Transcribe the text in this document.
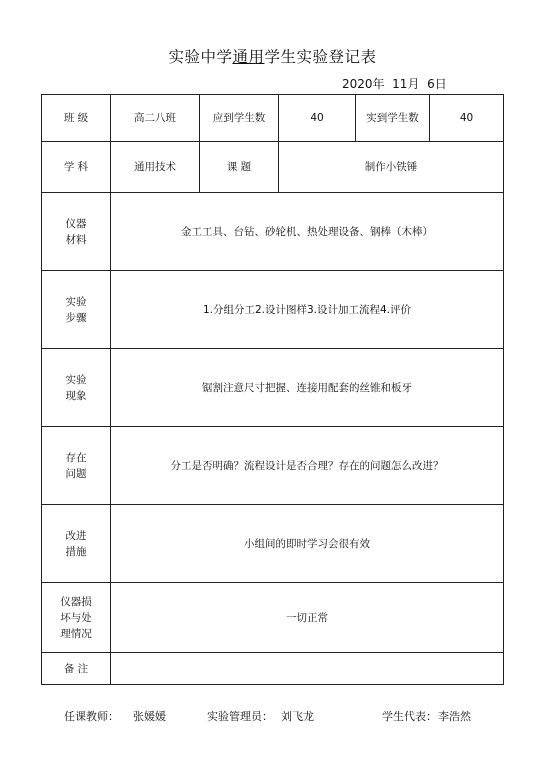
实验中学通用学生实验登记表
2020年  11月  6日
班 级	高二八班	应到学生数	40	实到学生数	40
学 科	通用技术	课 题	制作小铁锤		
仪器
材料	金工工具、台钻、砂轮机、热处理设备、钢棒（木棒）				
实验
步骤	1.分组分工2.设计图样3.设计加工流程4.评价				
实验
现象	锯割注意尺寸把握、连接用配套的丝锥和板牙				
存在
问题	分工是否明确？流程设计是否合理？存在的问题怎么改进？				
改进
措施	小组间的即时学习会很有效				
仪器损
坏与处
理情况	一切正常				
备 注					
任课教师： 张媛媛	实验管理员： 刘飞龙	学生代表： 李浩然
